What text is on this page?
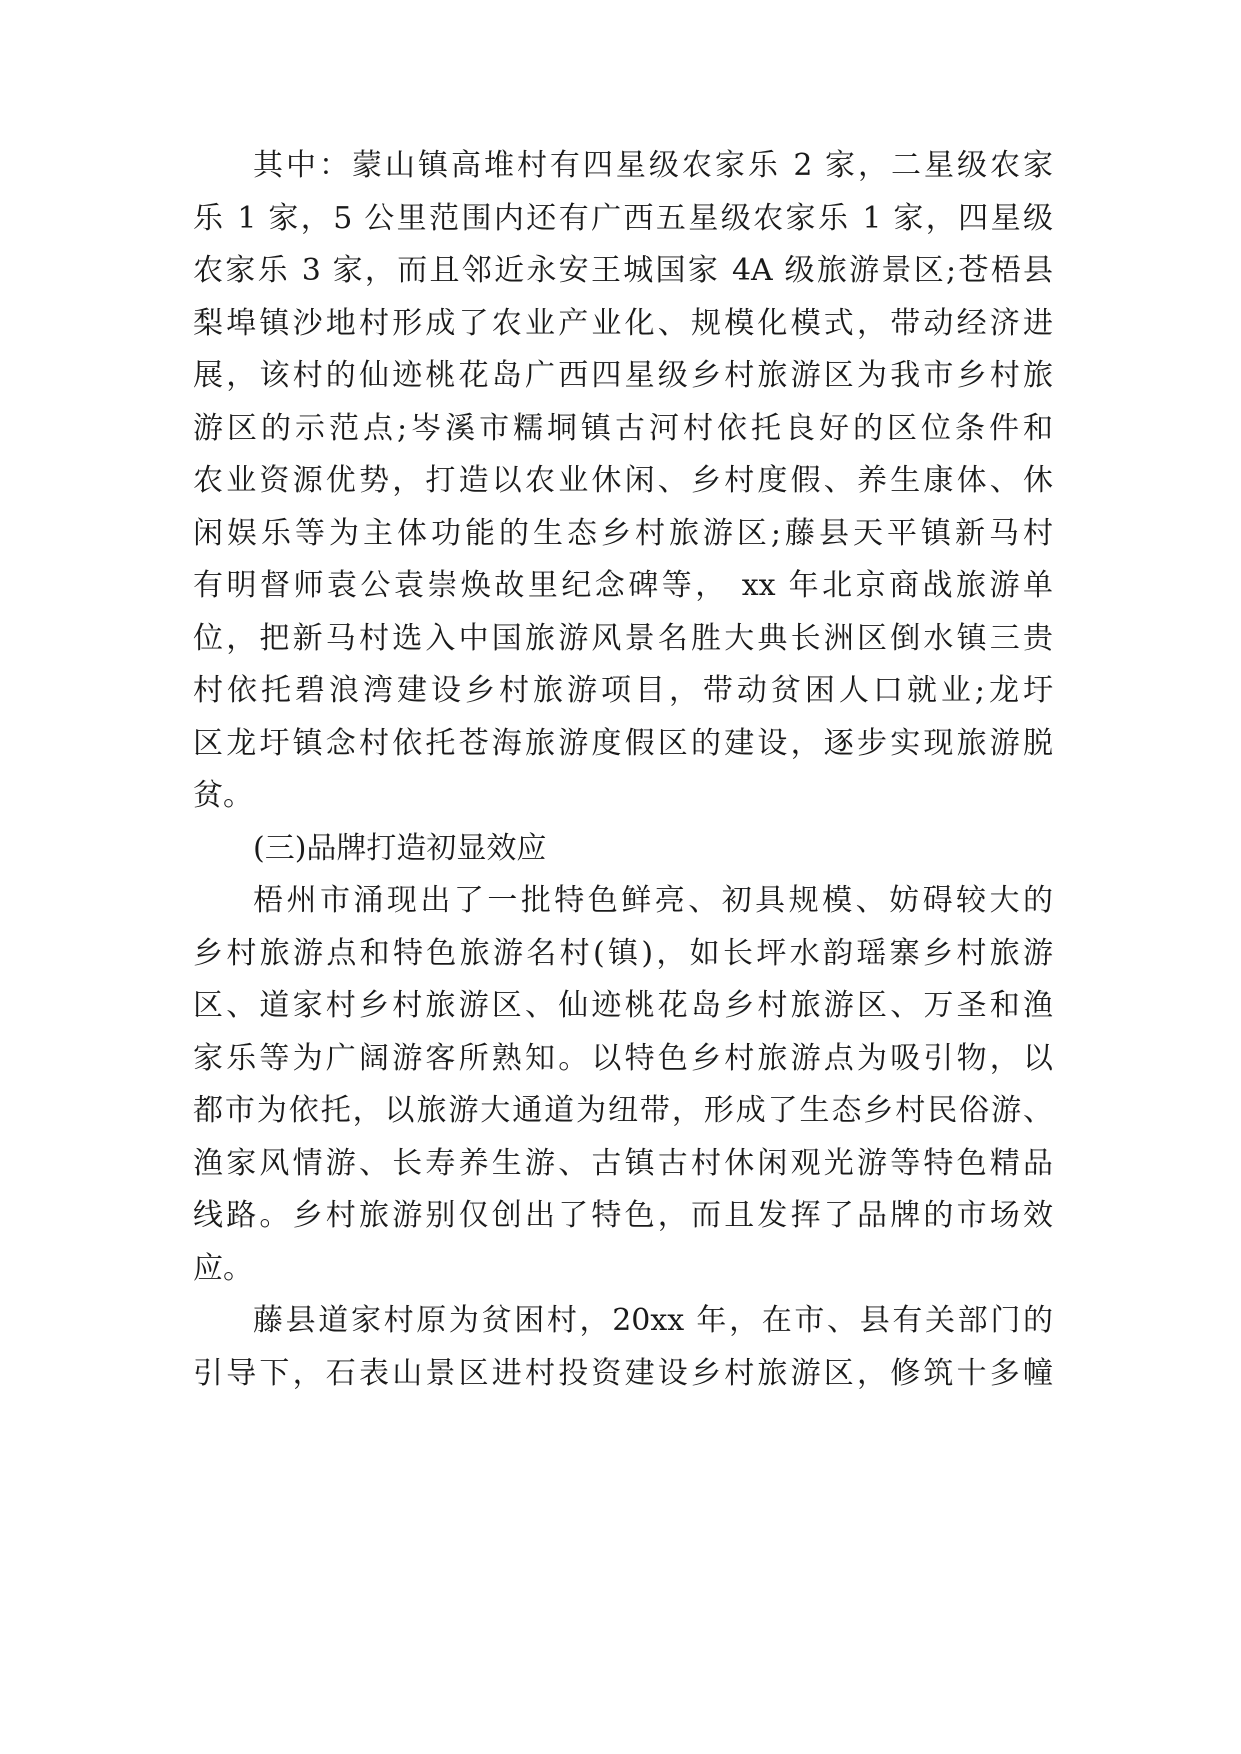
其中：蒙山镇高堆村有四星级农家乐 2 家，二星级农家
乐 1 家，5 公里范围内还有广西五星级农家乐 1 家，四星级
农家乐 3 家，而且邻近永安王城国家 4A 级旅游景区;苍梧县
梨埠镇沙地村形成了农业产业化、规模化模式，带动经济进
展，该村的仙迹桃花岛广西四星级乡村旅游区为我市乡村旅
游区的示范点;岑溪市糯垌镇古河村依托良好的区位条件和
农业资源优势，打造以农业休闲、乡村度假、养生康体、休
闲娱乐等为主体功能的生态乡村旅游区;藤县天平镇新马村
有明督师袁公袁崇焕故里纪念碑等， xx 年北京商战旅游单
位，把新马村选入中国旅游风景名胜大典长洲区倒水镇三贵
村依托碧浪湾建设乡村旅游项目，带动贫困人口就业;龙圩
区龙圩镇念村依托苍海旅游度假区的建设，逐步实现旅游脱
贫。
(三)品牌打造初显效应
梧州市涌现出了一批特色鲜亮、初具规模、妨碍较大的
乡村旅游点和特色旅游名村(镇)，如长坪水韵瑶寨乡村旅游
区、道家村乡村旅游区、仙迹桃花岛乡村旅游区、万圣和渔
家乐等为广阔游客所熟知。以特色乡村旅游点为吸引物，以
都市为依托，以旅游大通道为纽带，形成了生态乡村民俗游、
渔家风情游、长寿养生游、古镇古村休闲观光游等特色精品
线路。乡村旅游别仅创出了特色，而且发挥了品牌的市场效
应。
藤县道家村原为贫困村，20xx 年，在市、县有关部门的
引导下，石表山景区进村投资建设乡村旅游区，修筑十多幢
